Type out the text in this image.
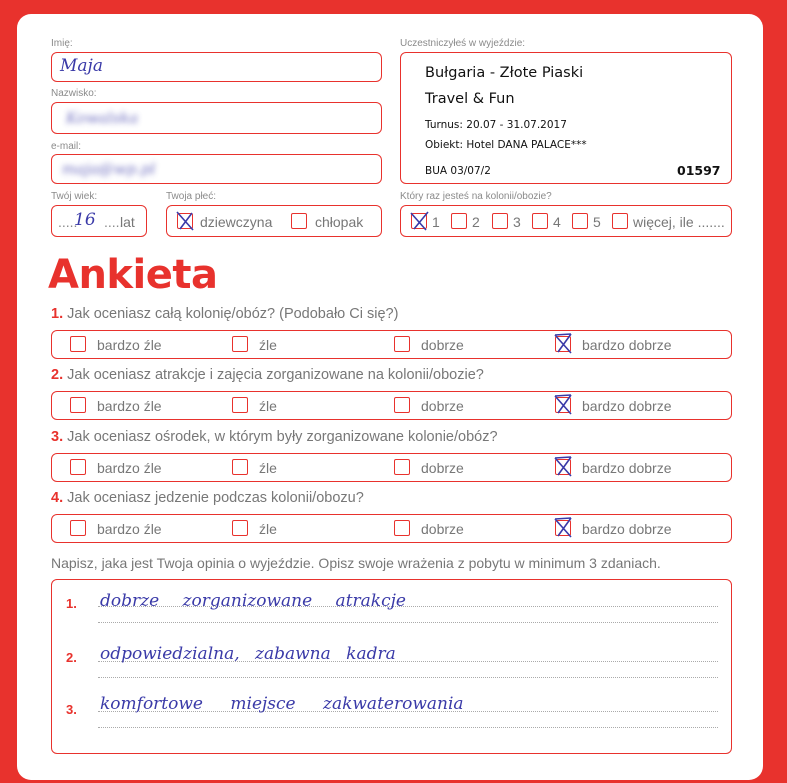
Imię:
Maja
Nazwisko:
Kowalska
e-mail:
maja@wp.pl
Twój wiek:
.....
16 .....
lat
Twoja płeć:
dziewczyna	chłopak
Uczestniczyłeś w wyjeździe:
Bułgaria - Złote Piaski
Travel & Fun
Turnus: 20.07 - 31.07.2017
Obiekt: Hotel DANA PALACE***
BUA 03/07/2	01597
Który raz jesteś na kolonii/obozie?
1 2 3 4 5 więcej, ile .......
Ankieta
1. Jak oceniasz całą kolonię/obóz? (Podobało Ci się?)
bardzo źle	źle	dobrze	bardzo dobrze
2. Jak oceniasz atrakcje i zajęcia zorganizowane na kolonii/obozie?
bardzo źle	źle	dobrze	bardzo dobrze
3. Jak oceniasz ośrodek, w którym były zorganizowane kolonie/obóz?
bardzo źle	źle	dobrze	bardzo dobrze
4. Jak oceniasz jedzenie podczas kolonii/obozu?
bardzo źle	źle	dobrze	bardzo dobrze
Napisz, jaka jest Twoja opinia o wyjeździe. Opisz swoje wrażenia z pobytu w minimum 3 zdaniach.
1. dobrze zorganizowane atrakcje
2. odpowiedzialna, zabawna kadra
3. komfortowe miejsce zakwaterowania
